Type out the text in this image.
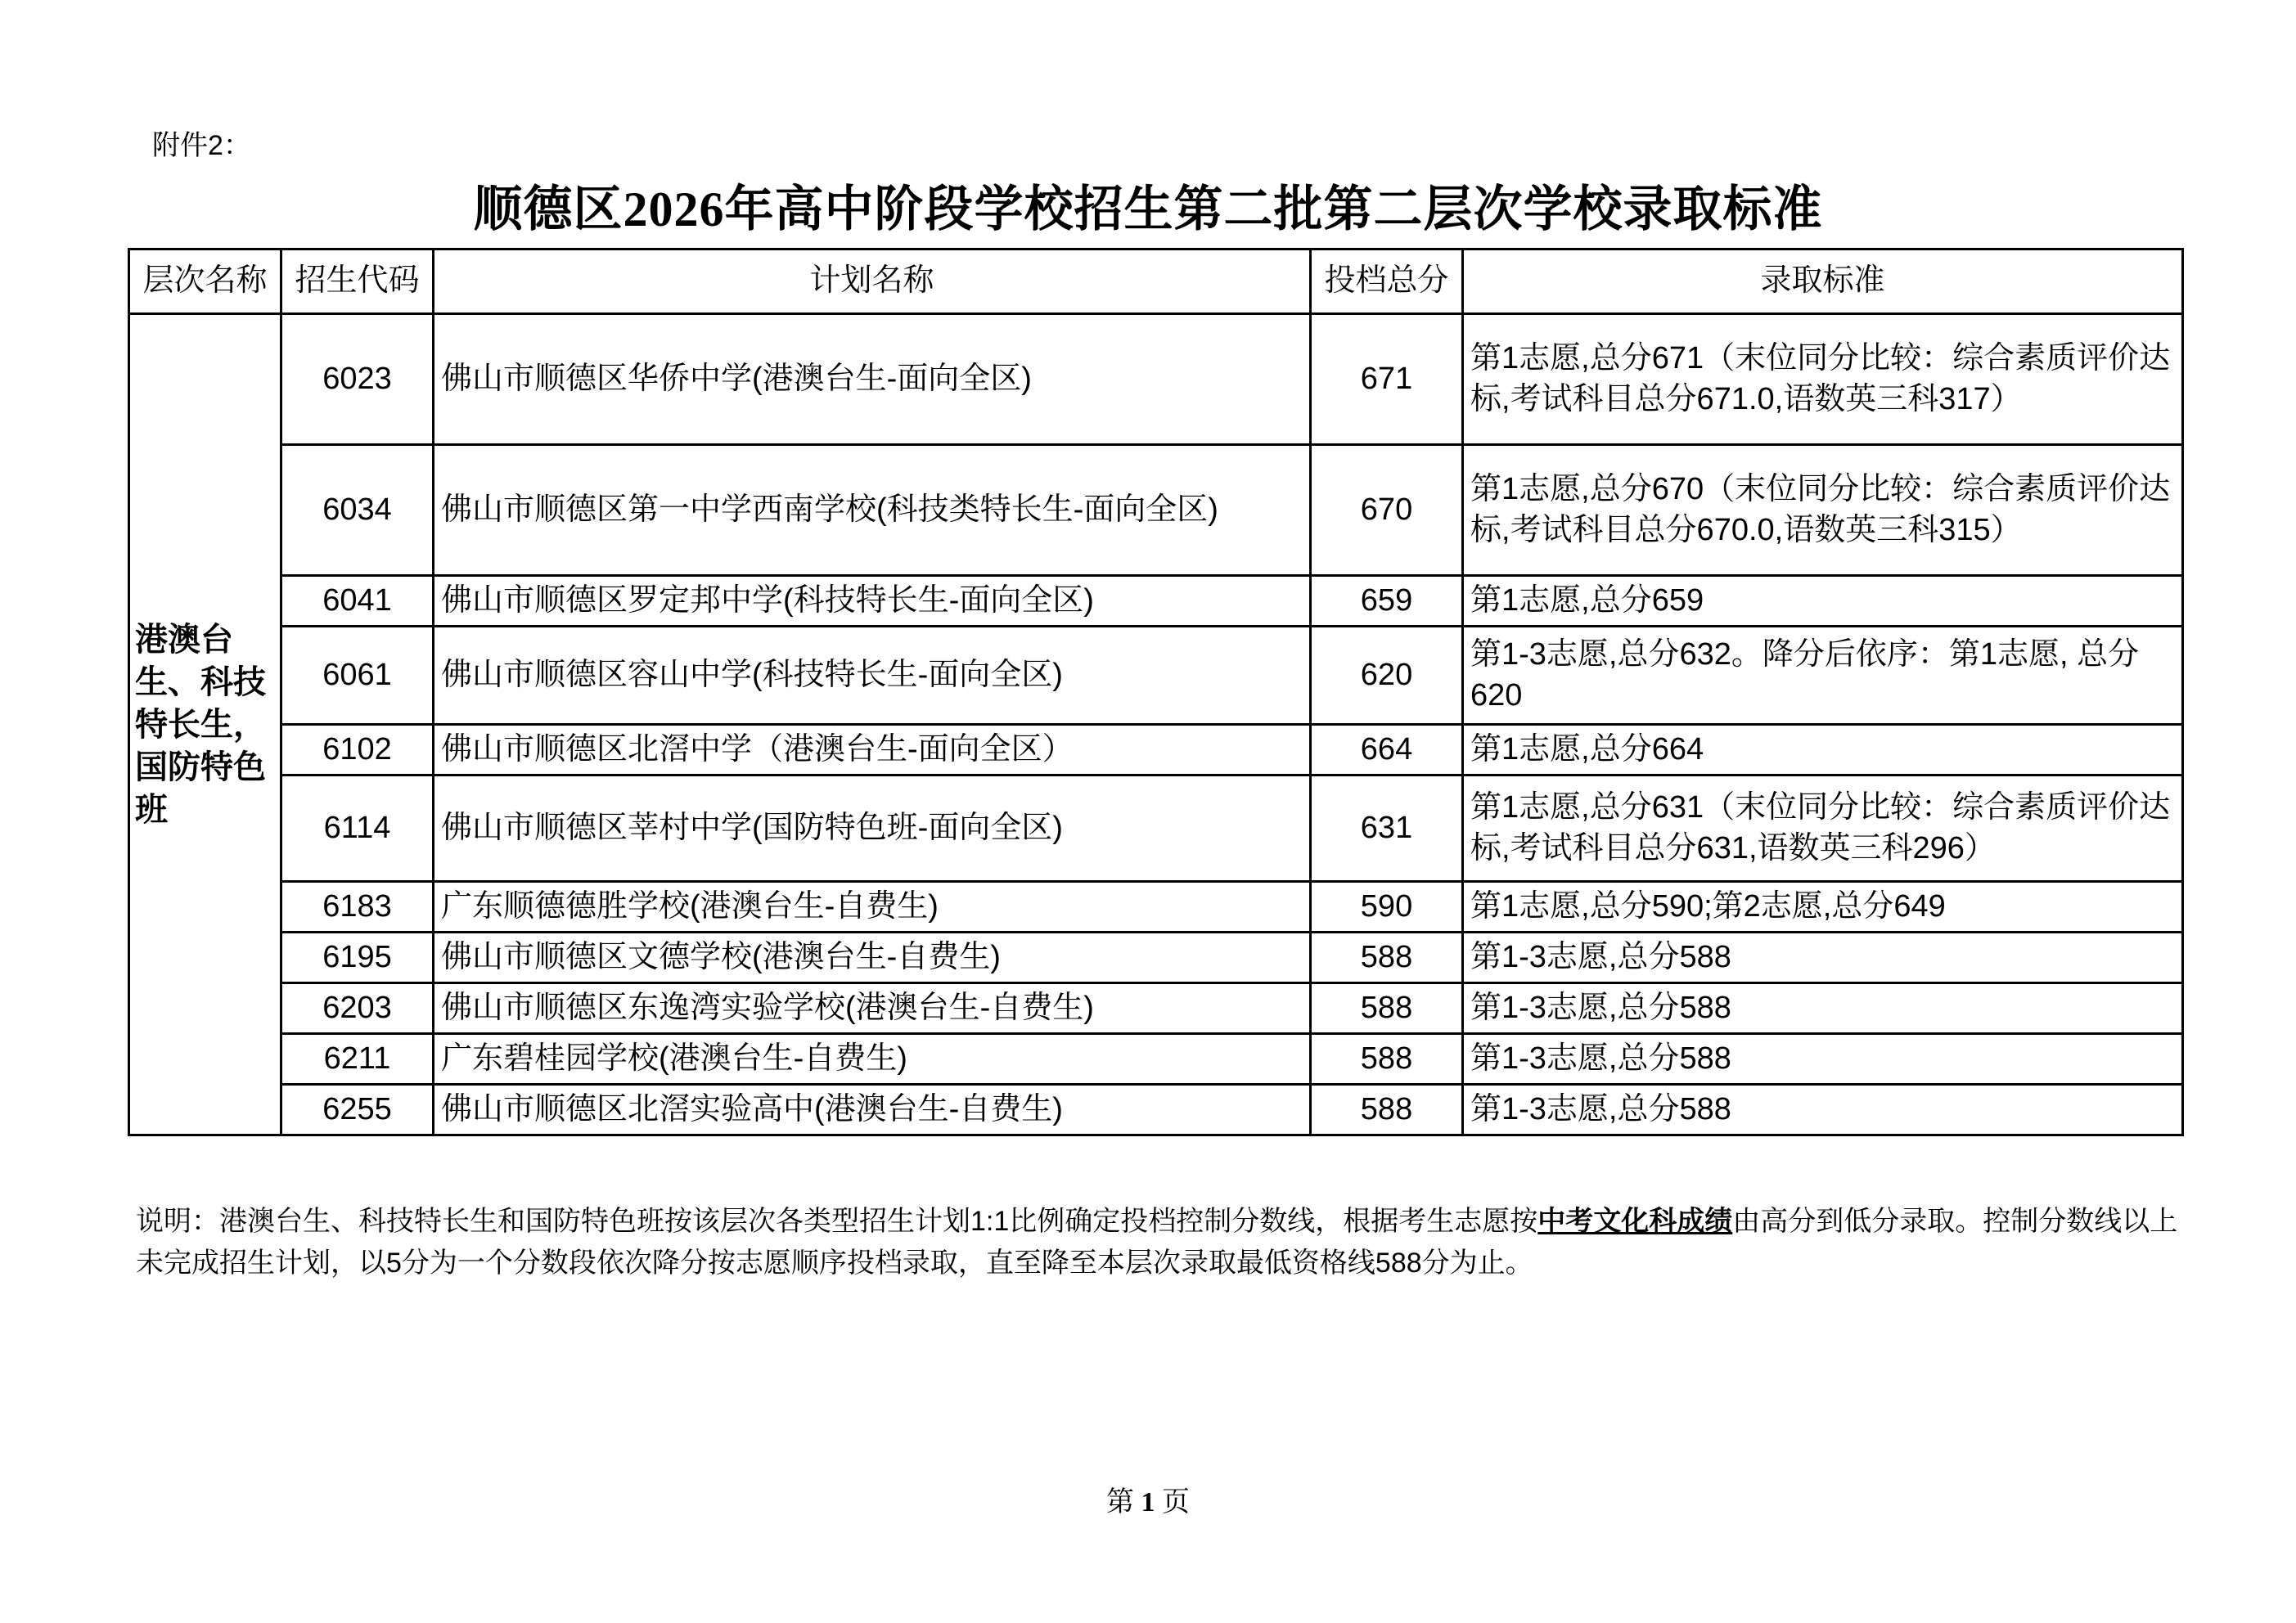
附件2：
顺德区2026年高中阶段学校招生第二批第二层次学校录取标准
层次名称	招生代码	计划名称	投档总分	录取标准
港澳台生、科技特长生，国防特色班	6023	佛山市顺德区华侨中学(港澳台生-面向全区)	671	第1志愿,总分671（末位同分比较：综合素质评价达标,考试科目总分671.0,语数英三科317）
	6034	佛山市顺德区第一中学西南学校(科技类特长生-面向全区)	670	第1志愿,总分670（末位同分比较：综合素质评价达标,考试科目总分670.0,语数英三科315）
	6041	佛山市顺德区罗定邦中学(科技特长生-面向全区)	659	第1志愿,总分659
	6061	佛山市顺德区容山中学(科技特长生-面向全区)	620	第1-3志愿,总分632。降分后依序：第1志愿, 总分620
	6102	佛山市顺德区北滘中学（港澳台生-面向全区）	664	第1志愿,总分664
	6114	佛山市顺德区莘村中学(国防特色班-面向全区)	631	第1志愿,总分631（末位同分比较：综合素质评价达标,考试科目总分631,语数英三科296）
	6183	广东顺德德胜学校(港澳台生-自费生)	590	第1志愿,总分590;第2志愿,总分649
	6195	佛山市顺德区文德学校(港澳台生-自费生)	588	第1-3志愿,总分588
	6203	佛山市顺德区东逸湾实验学校(港澳台生-自费生)	588	第1-3志愿,总分588
	6211	广东碧桂园学校(港澳台生-自费生)	588	第1-3志愿,总分588
	6255	佛山市顺德区北滘实验高中(港澳台生-自费生)	588	第1-3志愿,总分588
说明：港澳台生、科技特长生和国防特色班按该层次各类型招生计划1:1比例确定投档控制分数线，根据考生志愿按中考文化科成绩由高分到低分录取。控制分数线以上未完成招生计划，以5分为一个分数段依次降分按志愿顺序投档录取，直至降至本层次录取最低资格线588分为止。
第 1 页
